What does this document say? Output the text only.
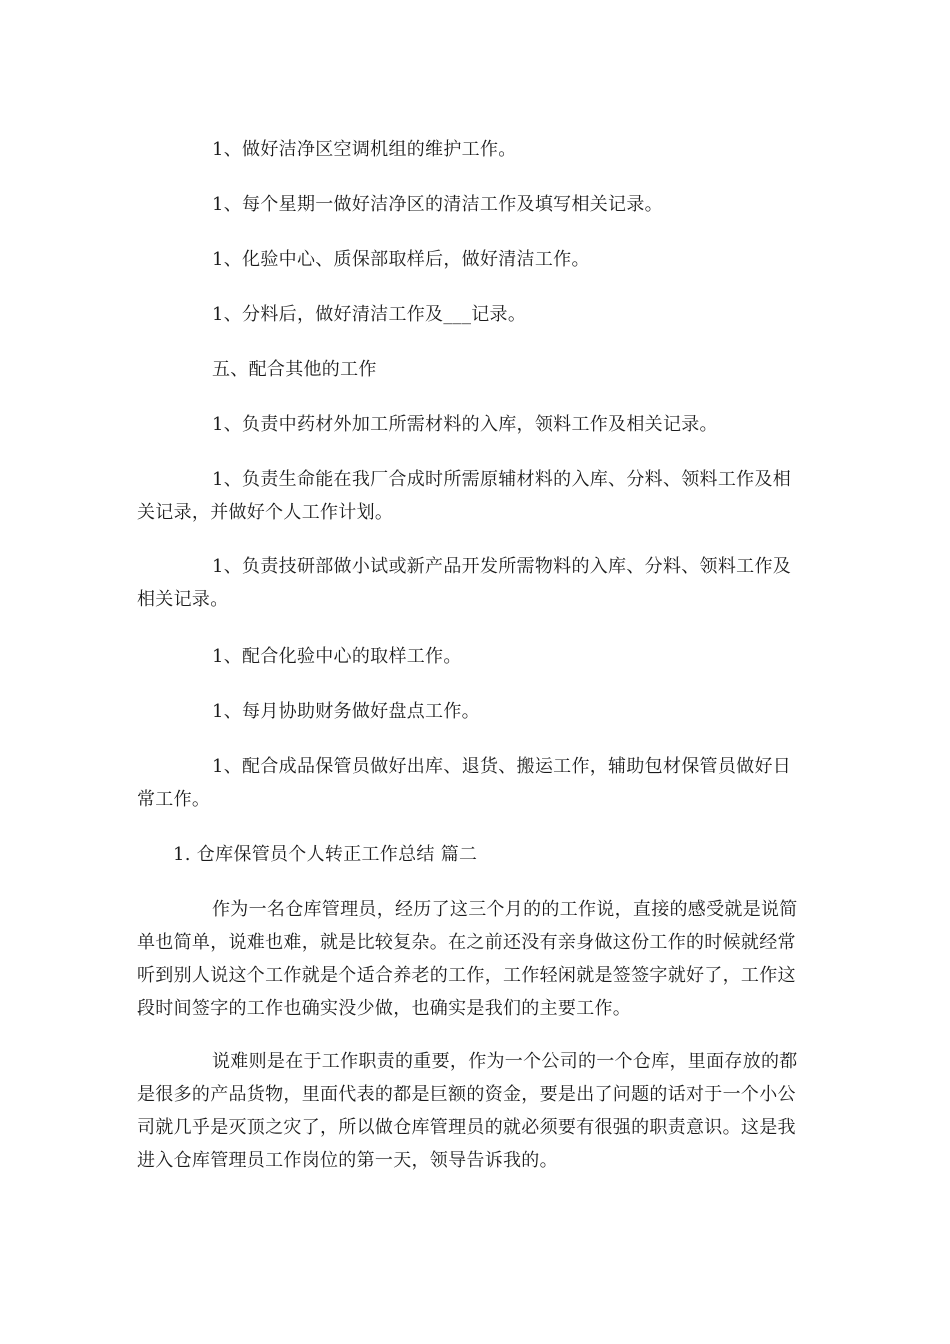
1、做好洁净区空调机组的维护工作。

1、每个星期一做好洁净区的清洁工作及填写相关记录。

1、化验中心、质保部取样后，做好清洁工作。

1、分料后，做好清洁工作及___记录。

五、配合其他的工作

1、负责中药材外加工所需材料的入库，领料工作及相关记录。

1、负责生命能在我厂合成时所需原辅材料的入库、分料、领料工作及相关记录，并做好个人工作计划。

1、负责技研部做小试或新产品开发所需物料的入库、分料、领料工作及相关记录。

1、配合化验中心的取样工作。

1、每月协助财务做好盘点工作。

1、配合成品保管员做好出库、退货、搬运工作，辅助包材保管员做好日常工作。

1. 仓库保管员个人转正工作总结 篇二

作为一名仓库管理员，经历了这三个月的的工作说，直接的感受就是说简单也简单，说难也难，就是比较复杂。在之前还没有亲身做这份工作的时候就经常听到别人说这个工作就是个适合养老的工作，工作轻闲就是签签字就好了，工作这段时间签字的工作也确实没少做，也确实是我们的主要工作。

说难则是在于工作职责的重要，作为一个公司的一个仓库，里面存放的都是很多的产品货物，里面代表的都是巨额的资金，要是出了问题的话对于一个小公司就几乎是灭顶之灾了，所以做仓库管理员的就必须要有很强的职责意识。这是我进入仓库管理员工作岗位的第一天，领导告诉我的。
